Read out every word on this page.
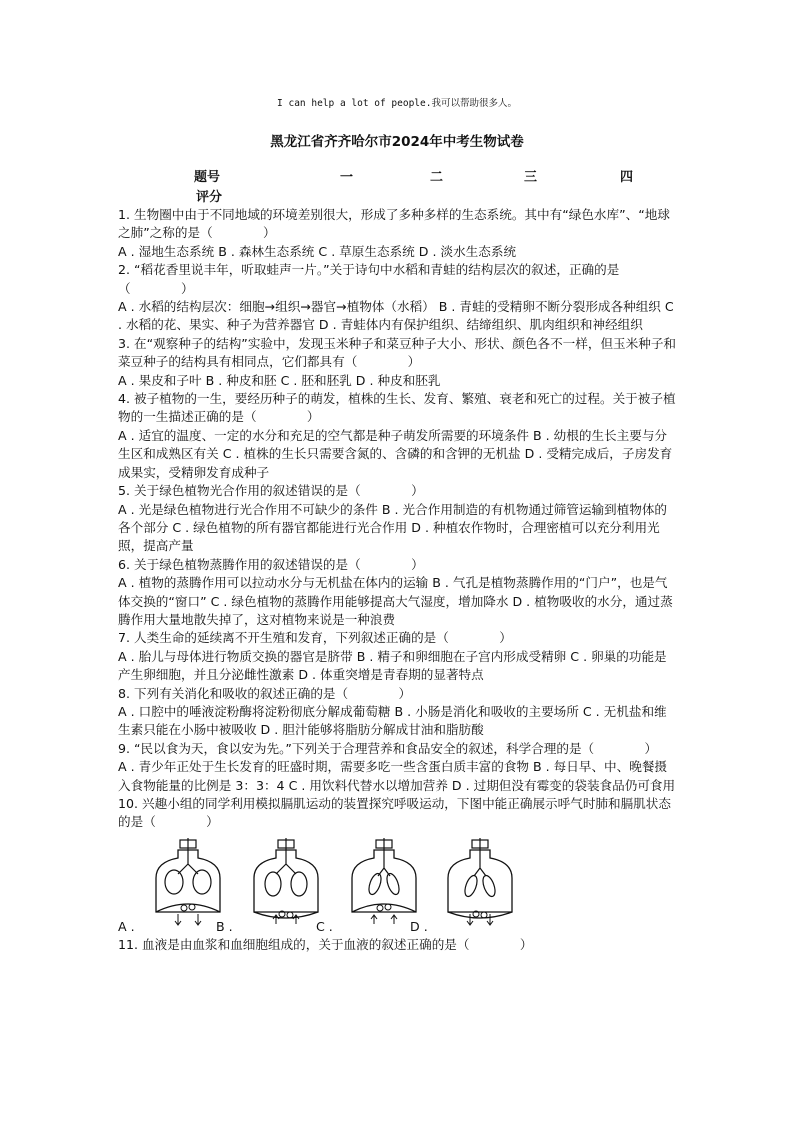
I can help a lot of people.我可以帮助很多人。
黑龙江省齐齐哈尔市2024年中考生物试卷
题号	一	二	三	四
评分

1. 生物圈中由于不同地域的环境差别很大，形成了多种多样的生态系统。其中有“绿色水库”、“地球之肺”之称的是（　　　　）

A . 湿地生态系统 B . 森林生态系统 C . 草原生态系统 D . 淡水生态系统

2. “稻花香里说丰年，听取蛙声一片。”关于诗句中水稻和青蛙的结构层次的叙述，正确的是（　　　　）

A . 水稻的结构层次：细胞→组织→器官→植物体（水稻） B . 青蛙的受精卵不断分裂形成各种组织 C . 水稻的花、果实、种子为营养器官 D . 青蛙体内有保护组织、结缔组织、肌肉组织和神经组织

3. 在“观察种子的结构”实验中，发现玉米种子和菜豆种子大小、形状、颜色各不一样，但玉米种子和菜豆种子的结构具有相同点，它们都具有（　　　　）

A . 果皮和子叶 B . 种皮和胚 C . 胚和胚乳 D . 种皮和胚乳

4. 被子植物的一生，要经历种子的萌发，植株的生长、发育、繁殖、衰老和死亡的过程。关于被子植物的一生描述正确的是（　　　　）

A . 适宜的温度、一定的水分和充足的空气都是种子萌发所需要的环境条件 B . 幼根的生长主要与分生区和成熟区有关 C . 植株的生长只需要含氮的、含磷的和含钾的无机盐 D . 受精完成后，子房发育成果实，受精卵发育成种子

5. 关于绿色植物光合作用的叙述错误的是（　　　　）

A . 光是绿色植物进行光合作用不可缺少的条件 B . 光合作用制造的有机物通过筛管运输到植物体的各个部分 C . 绿色植物的所有器官都能进行光合作用 D . 种植农作物时，合理密植可以充分利用光照，提高产量

6. 关于绿色植物蒸腾作用的叙述错误的是（　　　　）

A . 植物的蒸腾作用可以拉动水分与无机盐在体内的运输 B . 气孔是植物蒸腾作用的“门户”，也是气体交换的“窗口” C . 绿色植物的蒸腾作用能够提高大气湿度，增加降水 D . 植物吸收的水分，通过蒸腾作用大量地散失掉了，这对植物来说是一种浪费

7. 人类生命的延续离不开生殖和发育，下列叙述正确的是（　　　　）

A . 胎儿与母体进行物质交换的器官是脐带 B . 精子和卵细胞在子宫内形成受精卵 C . 卵巢的功能是产生卵细胞，并且分泌雌性激素 D . 体重突增是青春期的显著特点

8. 下列有关消化和吸收的叙述正确的是（　　　　）

A . 口腔中的唾液淀粉酶将淀粉彻底分解成葡萄糖 B . 小肠是消化和吸收的主要场所 C . 无机盐和维生素只能在小肠中被吸收 D . 胆汁能够将脂肪分解成甘油和脂肪酸

9. “民以食为天，食以安为先。”下列关于合理营养和食品安全的叙述，科学合理的是（　　　　）

A . 青少年正处于生长发育的旺盛时期，需要多吃一些含蛋白质丰富的食物 B . 每日早、中、晚餐摄入食物能量的比例是 3：3：4 C . 用饮料代替水以增加营养 D . 过期但没有霉变的袋装食品仍可食用

10. 兴趣小组的同学利用模拟膈肌运动的装置探究呼吸运动，下图中能正确展示呼气时肺和膈肌状态的是（　　　　）

A .	B .	C .	D .

11. 血液是由血浆和血细胞组成的，关于血液的叙述正确的是（　　　　）
